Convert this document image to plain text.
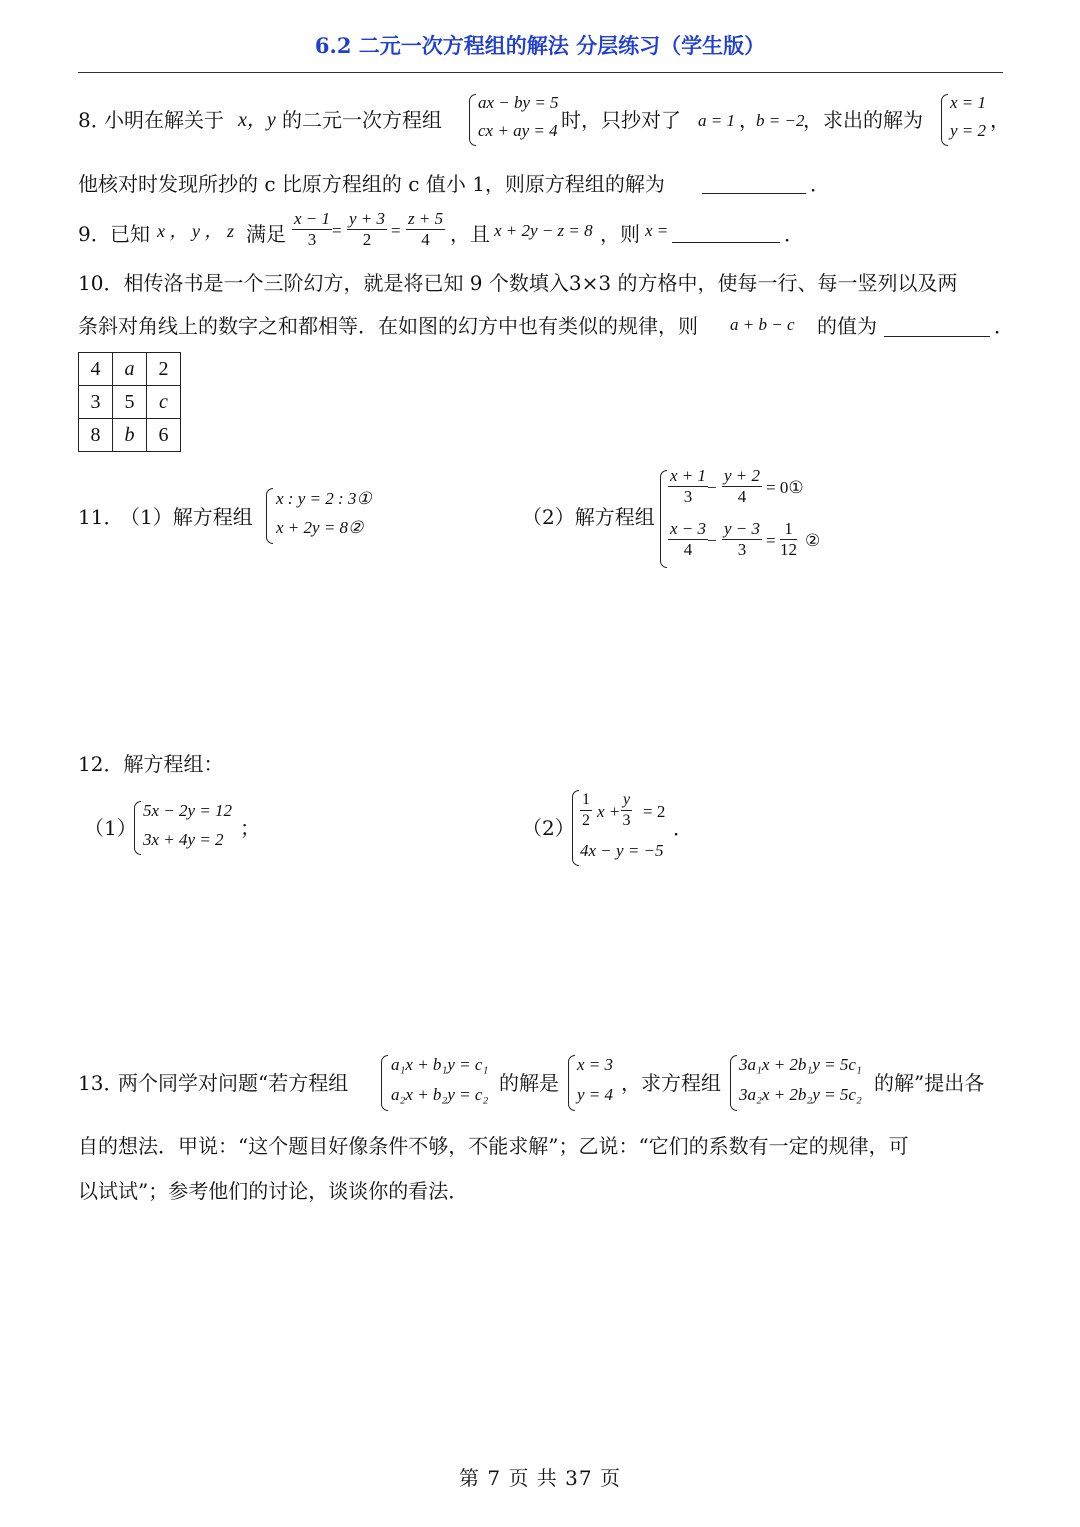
6.2 二元一次方程组的解法 分层练习（学生版）
8．
小明在解关于 x，y 的二元一次方程组
ax − by = 5
cx + ay = 4 时，只抄对了 a = 1 ，
b = −2
，求出的解为
x = 1
y = 2 ，
他核对时发现所抄的 c 比原方程组的 c 值小 1，则原方程组的解为	．
9． 已知 x ， y ， z 满足 $\frac{x - 1}{3} = \frac{y + 3}{2} = \frac{z + 5}{4}$ ，且 x + 2y − z = 8 ，则 x =	．
10．相传洛书是一个三阶幻方，就是将已知 9 个数填入3×3 的方格中，使每一行、每一竖列以及两
条斜对角线上的数字之和都相等．在如图的幻方中也有类似的规律，则 a + b − c 的值为	．
4	a	2
3	5	c
8	b	6
11．
（1）解方程组
x : y = 2 : 3①
x + 2y = 8②	（2）解方程组
$\frac{x + 1}{3}$
− $\frac{y + 2}{4}$ = 0①
$\frac{x - 3}{4}$
− $\frac{y - 3}{3} = \frac{1}{12}$ ②
12．解方程组：
（1）
5x − 2y = 12
3x + 4y = 2 ；	$(2) \frac{1}{2}$ $x + \frac{y}{3} = 2$
4x − y = −5
．
13．
两个同学对问题“若方程组
a₁x + b₁y = c₁
a₂x + b₂y = c₂ 的解是
x = 3
y = 4 ，求方程组
3a₁x + 2b₁y = 5c₁
3a₂x + 2b₂y = 5c₂ 的解”提出各
自的想法．甲说：“这个题目好像条件不够，不能求解”；乙说：“它们的系数有一定的规律，可
以试试”；参考他们的讨论，谈谈你的看法．
第 7 页 共 37 页
